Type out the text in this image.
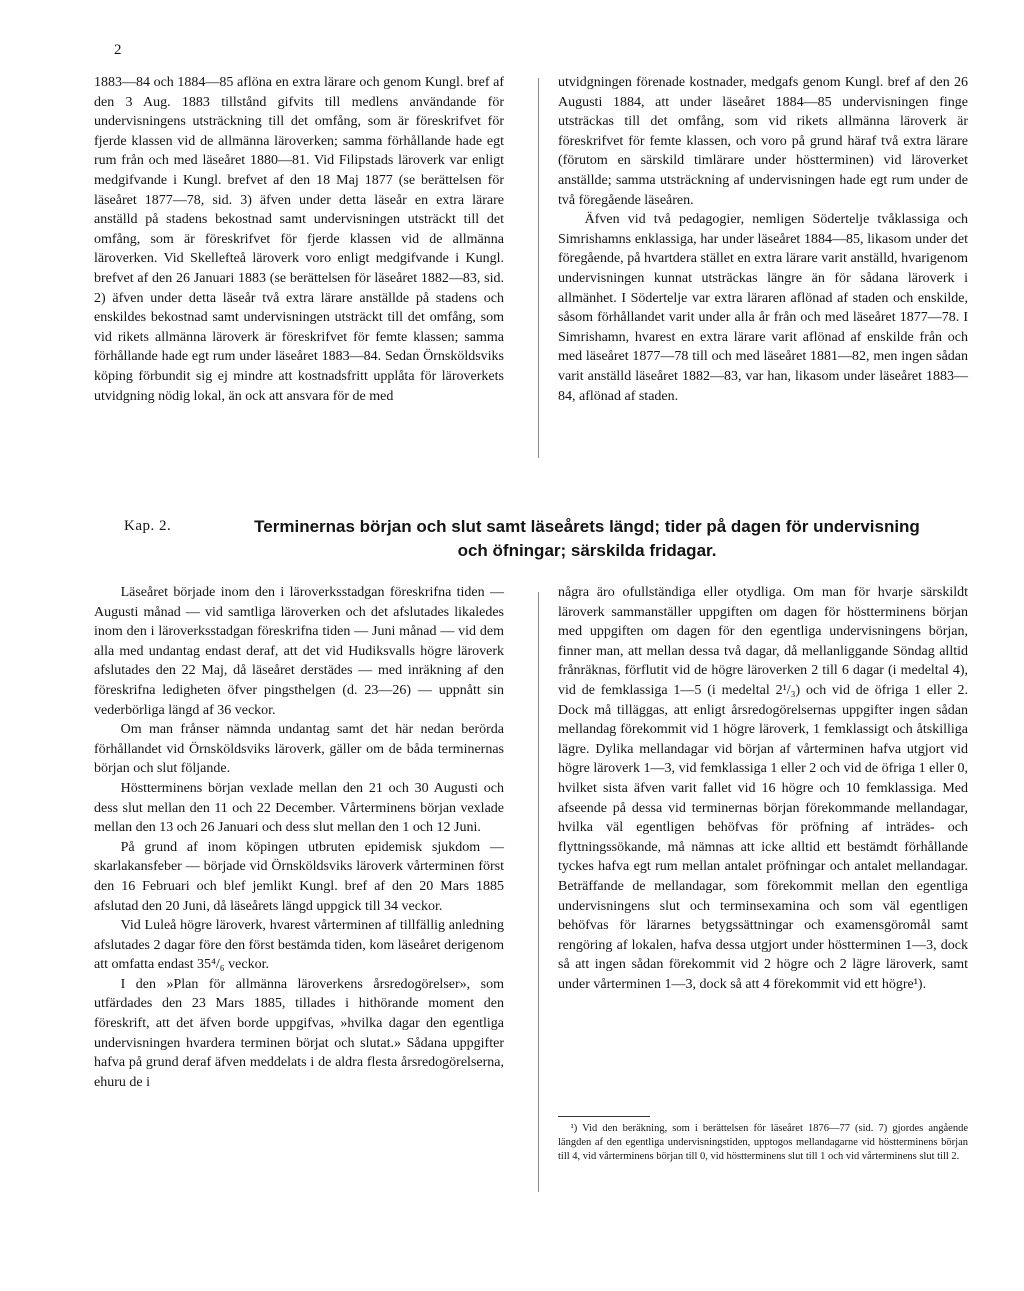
2

1883—84 och 1884—85 aflöna en extra lärare och genom Kungl. bref af den 3 Aug. 1883 tillstånd gifvits till medlens användande för undervisningens utsträckning till det omfång, som är föreskrifvet för fjerde klassen vid de allmänna läroverken; samma förhållande hade egt rum från och med läseåret 1880—81. Vid Filipstads läroverk var enligt medgifvande i Kungl. brefvet af den 18 Maj 1877 (se berättelsen för läseåret 1877—78, sid. 3) äfven under detta läseår en extra lärare anställd på stadens bekostnad samt undervisningen utsträckt till det omfång, som är föreskrifvet för fjerde klassen vid de allmänna läroverken. Vid Skellefteå läroverk voro enligt medgifvande i Kungl. brefvet af den 26 Januari 1883 (se berättelsen för läseåret 1882—83, sid. 2) äfven under detta läseår två extra lärare anställde på stadens och enskildes bekostnad samt undervisningen utsträckt till det omfång, som vid rikets allmänna läroverk är föreskrifvet för femte klassen; samma förhållande hade egt rum under läseåret 1883—84. Sedan Örnsköldsviks köping förbundit sig ej mindre att kostnadsfritt upplåta för läroverkets utvidgning nödig lokal, än ock att ansvara för de med

utvidgningen förenade kostnader, medgafs genom Kungl. bref af den 26 Augusti 1884, att under läseåret 1884—85 undervisningen finge utsträckas till det omfång, som vid rikets allmänna läroverk är föreskrifvet för femte klassen, och voro på grund häraf två extra lärare (förutom en särskild timlärare under höstterminen) vid läroverket anställde; samma utsträckning af undervisningen hade egt rum under de två föregående läseåren.

Äfven vid två pedagogier, nemligen Södertelje tvåklassiga och Simrishamns enklassiga, har under läseåret 1884—85, likasom under det föregående, på hvartdera stället en extra lärare varit anställd, hvarigenom undervisningen kunnat utsträckas längre än för sådana läroverk i allmänhet. I Södertelje var extra läraren aflönad af staden och enskilde, såsom förhållandet varit under alla år från och med läseåret 1877—78. I Simrishamn, hvarest en extra lärare varit aflönad af enskilde från och med läseåret 1877—78 till och med läseåret 1881—82, men ingen sådan varit anställd läseåret 1882—83, var han, likasom under läseåret 1883—84, aflönad af staden.

Kap. 2.	Terminernas början och slut samt läseårets längd; tider på dagen för undervisning
och öfningar; särskilda fridagar.

Läseåret började inom den i läroverksstadgan föreskrifna tiden — Augusti månad — vid samtliga läroverken och det afslutades likaledes inom den i läroverksstadgan föreskrifna tiden — Juni månad — vid dem alla med undantag endast deraf, att det vid Hudiksvalls högre läroverk afslutades den 22 Maj, då läseåret derstädes — med inräkning af den föreskrifna ledigheten öfver pingsthelgen (d. 23—26) — uppnått sin vederbörliga längd af 36 veckor.

Om man frånser nämnda undantag samt det här nedan berörda förhållandet vid Örnsköldsviks läroverk, gäller om de båda terminernas början och slut följande.

Höstterminens början vexlade mellan den 21 och 30 Augusti och dess slut mellan den 11 och 22 December. Vårterminens början vexlade mellan den 13 och 26 Januari och dess slut mellan den 1 och 12 Juni.

På grund af inom köpingen utbruten epidemisk sjukdom — skarlakansfeber — började vid Örnsköldsviks läroverk vårterminen först den 16 Februari och blef jemlikt Kungl. bref af den 20 Mars 1885 afslutad den 20 Juni, då läseårets längd uppgick till 34 veckor.

Vid Luleå högre läroverk, hvarest vårterminen af tillfällig anledning afslutades 2 dagar före den först bestämda tiden, kom läseåret derigenom att omfatta endast 35⁴/₆ veckor.

I den »Plan för allmänna läroverkens årsredogörelser», som utfärdades den 23 Mars 1885, tillades i hithörande moment den föreskrift, att det äfven borde uppgifvas, »hvilka dagar den egentliga undervisningen hvardera terminen börjat och slutat.» Sådana uppgifter hafva på grund deraf äfven meddelats i de aldra flesta årsredogörelserna, ehuru de i

några äro ofullständiga eller otydliga. Om man för hvarje särskildt läroverk sammanställer uppgiften om dagen för höstterminens början med uppgiften om dagen för den egentliga undervisningens början, finner man, att mellan dessa två dagar, då mellanliggande Söndag alltid frånräknas, förflutit vid de högre läroverken 2 till 6 dagar (i medeltal 4), vid de femklassiga 1—5 (i medeltal 2¹/₃) och vid de öfriga 1 eller 2. Dock må tilläggas, att enligt årsredogörelsernas uppgifter ingen sådan mellandag förekommit vid 1 högre läroverk, 1 femklassigt och åtskilliga lägre. Dylika mellandagar vid början af vårterminen hafva utgjort vid högre läroverk 1—3, vid femklassiga 1 eller 2 och vid de öfriga 1 eller 0, hvilket sista äfven varit fallet vid 16 högre och 10 femklassiga. Med afseende på dessa vid terminernas början förekommande mellandagar, hvilka väl egentligen behöfvas för pröfning af inträdes- och flyttningssökande, må nämnas att icke alltid ett bestämdt förhållande tyckes hafva egt rum mellan antalet pröfningar och antalet mellandagar. Beträffande de mellandagar, som förekommit mellan den egentliga undervisningens slut och terminsexamina och som väl egentligen behöfvas för lärarnes betygssättningar och examensgöromål samt rengöring af lokalen, hafva dessa utgjort under höstterminen 1—3, dock så att ingen sådan förekommit vid 2 högre och 2 lägre läroverk, samt under vårterminen 1—3, dock så att 4 förekommit vid ett högre¹).

¹) Vid den beräkning, som i berättelsen för läseåret 1876—77 (sid. 7) gjordes angående längden af den egentliga undervisningstiden, upptogos mellandagarne vid höstterminens början till 4, vid vårterminens början till 0, vid höstterminens slut till 1 och vid vårterminens slut till 2.
